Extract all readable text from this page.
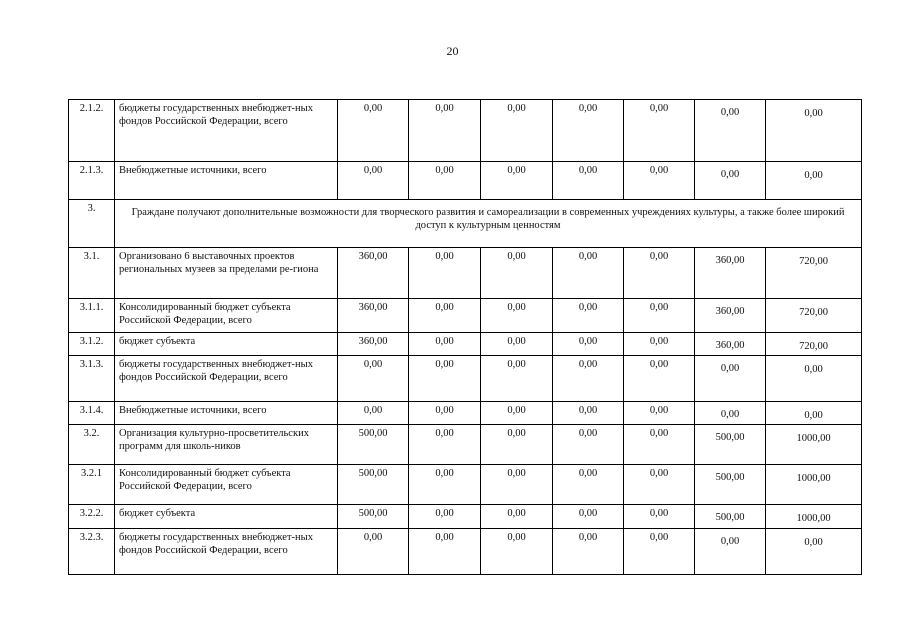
20
2.1.2.	бюджеты государственных внебюджет-ных фондов Российской Федерации, всего	0,00	0,00	0,00	0,00	0,00	0,00	0,00
2.1.3.	Внебюджетные источники, всего	0,00	0,00	0,00	0,00	0,00	0,00	0,00
3.	Граждане получают дополнительные возможности для творческого развития и самореализации в современных учреждениях культуры, а также более широкий доступ к культурным ценностям							
3.1.	Организовано 6 выставочных проектов региональных музеев за пределами ре-гиона	360,00	0,00	0,00	0,00	0,00	360,00	720,00
3.1.1.	Консолидированный бюджет субъекта Российской Федерации, всего	360,00	0,00	0,00	0,00	0,00	360,00	720,00
3.1.2.	бюджет субъекта	360,00	0,00	0,00	0,00	0,00	360,00	720,00
3.1.3.	бюджеты государственных внебюджет-ных фондов Российской Федерации, всего	0,00	0,00	0,00	0,00	0,00	0,00	0,00
3.1.4.	Внебюджетные источники, всего	0,00	0,00	0,00	0,00	0,00	0,00	0,00
3.2.	Организация культурно-просветительских программ для школь-ников	500,00	0,00	0,00	0,00	0,00	500,00	1000,00
3.2.1	Консолидированный бюджет субъекта Российской Федерации, всего	500,00	0,00	0,00	0,00	0,00	500,00	1000,00
3.2.2.	бюджет субъекта	500,00	0,00	0,00	0,00	0,00	500,00	1000,00
3.2.3.	бюджеты государственных внебюджет-ных фондов Российской Федерации, всего	0,00	0,00	0,00	0,00	0,00	0,00	0,00
